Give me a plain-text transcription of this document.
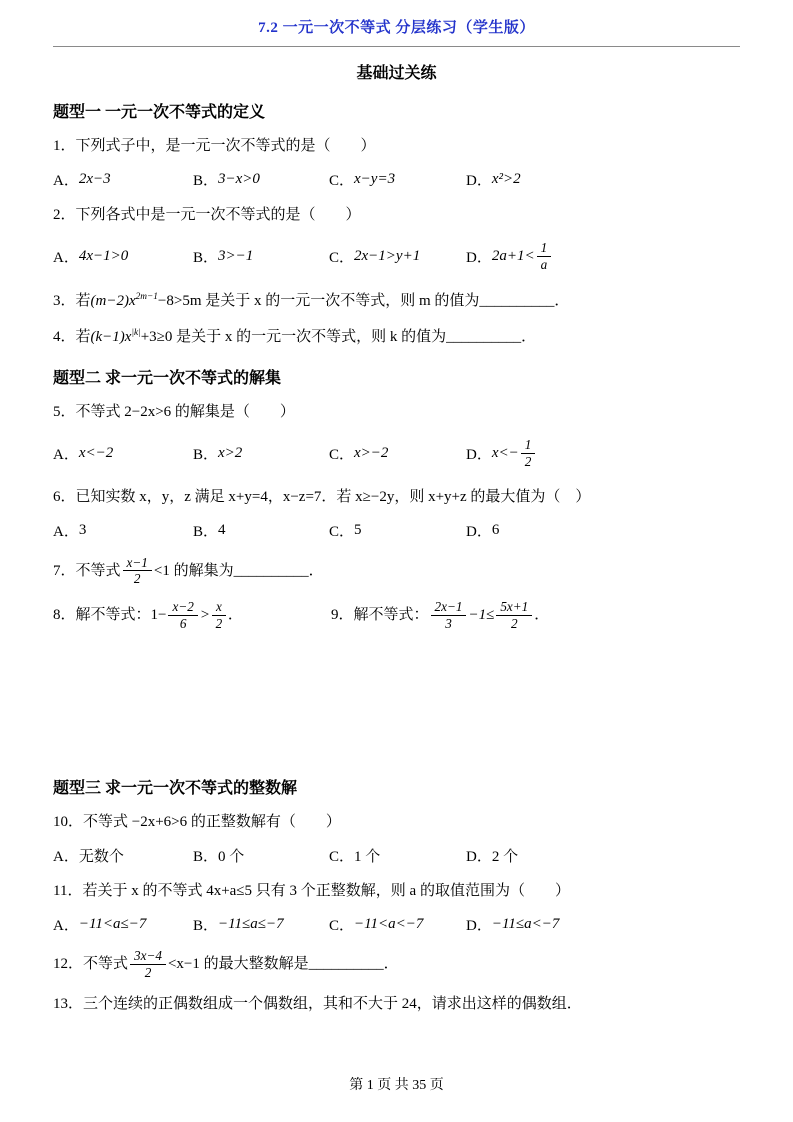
7.2 一元一次不等式 分层练习（学生版）
基础过关练
题型一 一元一次不等式的定义

1．下列式子中，是一元一次不等式的是（　　）

A． 2x−3	B． 3−x>0	C． x−y=3	D． x²>2

2．下列各式中是一元一次不等式的是（　　）

A． 4x−1>0	B． 3>−1	C． 2x−1>y+1	D． $2a+1< \frac{1}{a}$

3．若$(m-2)x^{2m-1}-8>5m$ 是关于 x 的一元一次不等式，则 m 的值为__________．

4．若$(k-1)x^{|k|}+3\ge 0$ 是关于 x 的一元一次不等式，则 k 的值为__________．

题型二 求一元一次不等式的解集

5．不等式 2−2x>6 的解集是（　　）

A． x<−2	B． x>2	C． x>−2	D． $x<- \frac{1}{2}$

6．已知实数 x，y，z 满足 x+y=4，x−z=7．若 x≥−2y，则 x+y+z 的最大值为（　）

A． 3	B． 4	C． 5	D． 6

7．不等式 $\frac{x-1}{2} <1$ 的解集为__________．

8．解不等式：$1- \frac{x-2}{6} > \frac{x}{2}$ ．	9．解不等式： $\frac{2x-1}{3} -1\le \frac{5x+1}{2}$ ．

题型三 求一元一次不等式的整数解

10．不等式 −2x+6>6 的正整数解有（　　）

A． 无数个	B． 0 个	C． 1 个	D． 2 个

11．若关于 x 的不等式 4x+a≤5 只有 3 个正整数解，则 a 的取值范围为（　　）

A． −11<a≤−7	B． −11≤a≤−7	C． −11<a<−7	D． −11≤a<−7

12．不等式 $\frac{3x-4}{2} <x-1$ 的最大整数解是__________．

13．三个连续的正偶数组成一个偶数组，其和不大于 24，请求出这样的偶数组．

第 1 页 共 35 页
